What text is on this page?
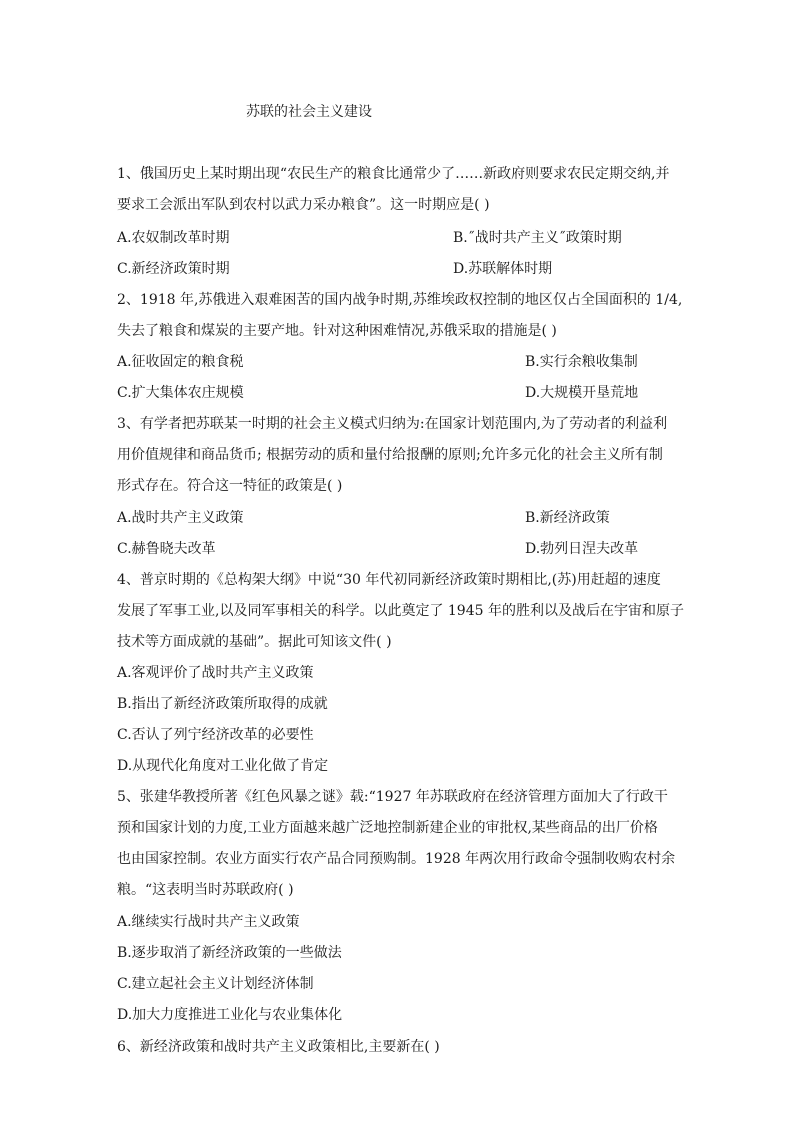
苏联的社会主义建设
1、俄国历史上某时期出现“农民生产的粮食比通常少了……新政府则要求农民定期交纳,并
要求工会派出军队到农村以武力采办粮食”。这一时期应是( )
A.农奴制改革时期	B.˝战时共产主义˝政策时期
C.新经济政策时期	D.苏联解体时期
2、1918 年,苏俄进入艰难困苦的国内战争时期,苏维埃政权控制的地区仅占全国面积的 1/4,
失去了粮食和煤炭的主要产地。针对这种困难情况,苏俄采取的措施是( )
A.征收固定的粮食税	B.实行余粮收集制
C.扩大集体农庄规模	D.大规模开垦荒地
3、有学者把苏联某一时期的社会主义模式归纳为:在国家计划范围内,为了劳动者的利益利
用价值规律和商品货币; 根据劳动的质和量付给报酬的原则;允许多元化的社会主义所有制
形式存在。符合这一特征的政策是( )
A.战时共产主义政策	B.新经济政策
C.赫鲁晓夫改革	D.勃列日涅夫改革
4、普京时期的《总构架大纲》中说“30 年代初同新经济政策时期相比,(苏)用赶超的速度
发展了军事工业,以及同军事相关的科学。以此奠定了 1945 年的胜利以及战后在宇宙和原子
技术等方面成就的基础”。据此可知该文件( )
A.客观评价了战时共产主义政策
B.指出了新经济政策所取得的成就
C.否认了列宁经济改革的必要性
D.从现代化角度对工业化做了肯定
5、张建华教授所著《红色风暴之谜》载:“1927 年苏联政府在经济管理方面加大了行政干
预和国家计划的力度,工业方面越来越广泛地控制新建企业的审批权,某些商品的出厂价格
也由国家控制。农业方面实行农产品合同预购制。1928 年两次用行政命令强制收购农村余
粮。“这表明当时苏联政府( )
A.继续实行战时共产主义政策
B.逐步取消了新经济政策的一些做法
C.建立起社会主义计划经济体制
D.加大力度推进工业化与农业集体化
6、新经济政策和战时共产主义政策相比,主要新在( )
